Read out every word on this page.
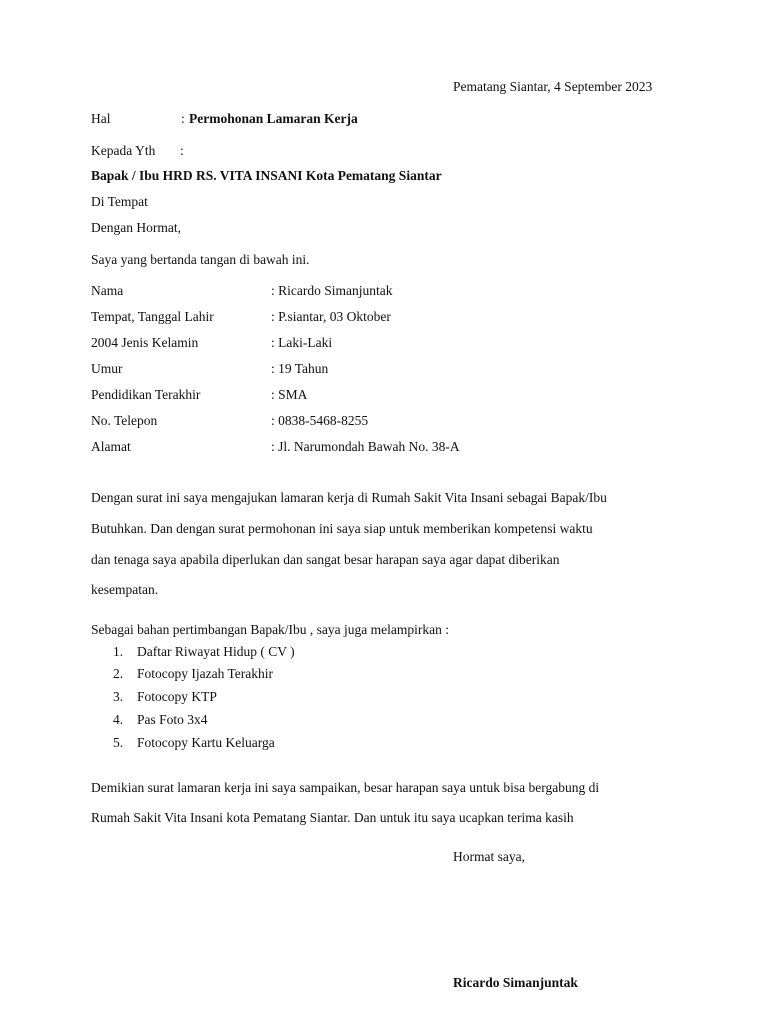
Pematang Siantar, 4 September 2023
Hal	: Permohonan Lamaran Kerja
Kepada Yth :
Bapak / Ibu HRD RS. VITA INSANI Kota Pematang Siantar
Di Tempat
Dengan Hormat,
Saya yang bertanda tangan di bawah ini.
Nama	: Ricardo Simanjuntak
Tempat, Tanggal Lahir	: P.siantar, 03 Oktober
2004 Jenis Kelamin	: Laki-Laki
Umur	: 19 Tahun
Pendidikan Terakhir	: SMA
No. Telepon	: 0838-5468-8255
Alamat	: Jl. Narumondah Bawah No. 38-A
Dengan surat ini saya mengajukan lamaran kerja di Rumah Sakit Vita Insani sebagai Bapak/Ibu
Butuhkan. Dan dengan surat permohonan ini saya siap untuk memberikan kompetensi waktu
dan tenaga saya apabila diperlukan dan sangat besar harapan saya agar dapat diberikan
kesempatan.
Sebagai bahan pertimbangan Bapak/Ibu , saya juga melampirkan :
1. Daftar Riwayat Hidup ( CV )
2. Fotocopy Ijazah Terakhir
3. Fotocopy KTP
4. Pas Foto 3x4
5. Fotocopy Kartu Keluarga
Demikian surat lamaran kerja ini saya sampaikan, besar harapan saya untuk bisa bergabung di
Rumah Sakit Vita Insani kota Pematang Siantar. Dan untuk itu saya ucapkan terima kasih
Hormat saya,
Ricardo Simanjuntak
